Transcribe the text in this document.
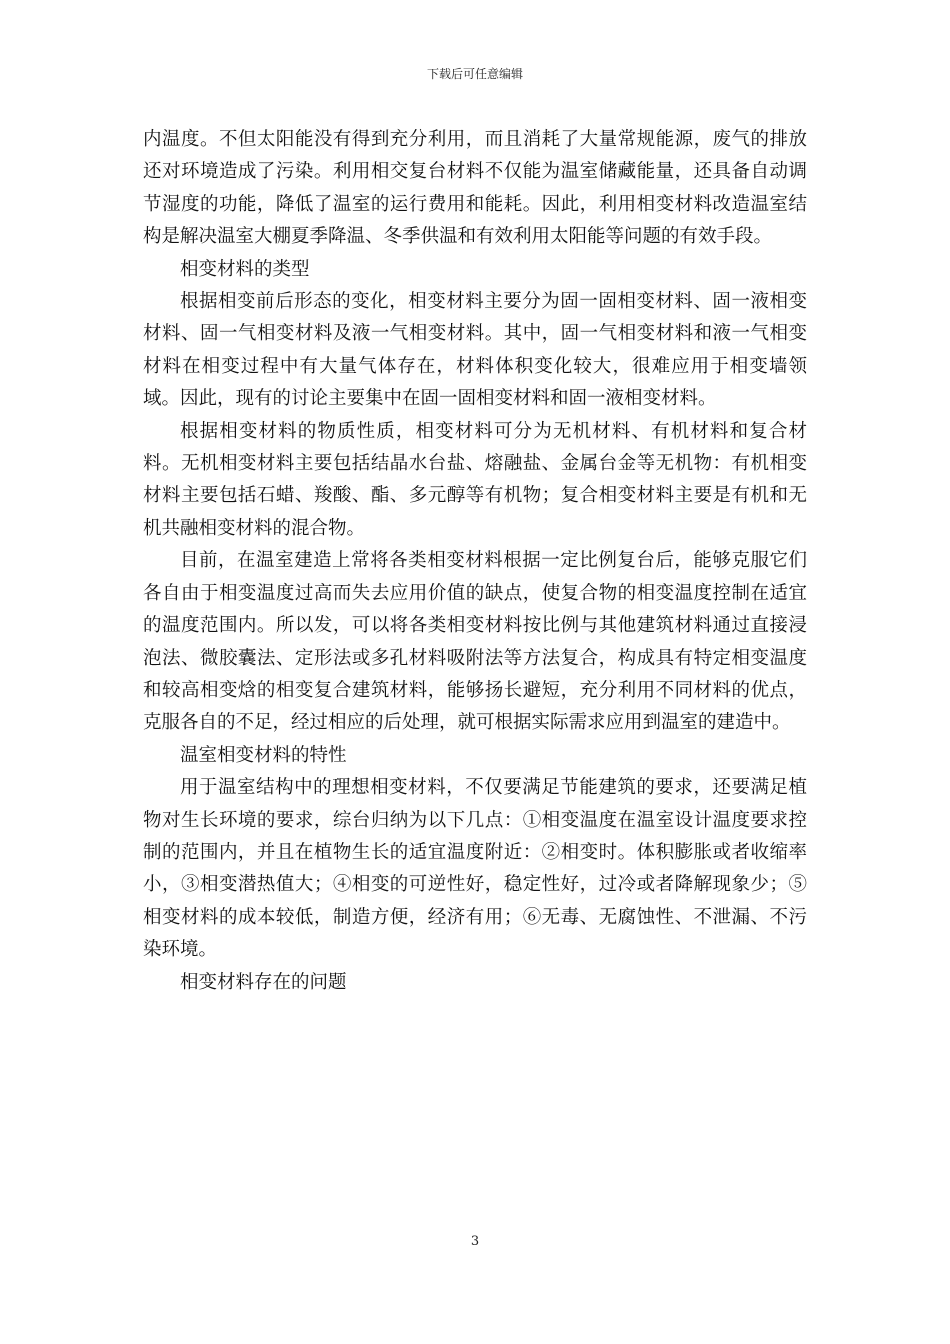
下载后可任意编辑

内温度。不但太阳能没有得到充分利用，而且消耗了大量常规能源，废气的排放还对环境造成了污染。利用相交复台材料不仅能为温室储藏能量，还具备自动调节湿度的功能，降低了温室的运行费用和能耗。因此，利用相变材料改造温室结构是解决温室大棚夏季降温、冬季供温和有效利用太阳能等问题的有效手段。

相变材料的类型

根据相变前后形态的变化，相变材料主要分为固一固相变材料、固一液相变材料、固一气相变材料及液一气相变材料。其中，固一气相变材料和液一气相变材料在相变过程中有大量气体存在，材料体积变化较大，很难应用于相变墙领域。因此，现有的讨论主要集中在固一固相变材料和固一液相变材料。

根据相变材料的物质性质，相变材料可分为无机材料、有机材料和复合材料。无机相变材料主要包括结晶水台盐、熔融盐、金属台金等无机物：有机相变材料主要包括石蜡、羧酸、酯、多元醇等有机物；复合相变材料主要是有机和无机共融相变材料的混合物。

目前，在温室建造上常将各类相变材料根据一定比例复台后，能够克服它们各自由于相变温度过高而失去应用价值的缺点，使复合物的相变温度控制在适宜的温度范围内。所以发，可以将各类相变材料按比例与其他建筑材料通过直接浸泡法、微胶囊法、定形法或多孔材料吸附法等方法复合，构成具有特定相变温度和较高相变焓的相变复合建筑材料，能够扬长避短，充分利用不同材料的优点，克服各自的不足，经过相应的后处理，就可根据实际需求应用到温室的建造中。

温室相变材料的特性

用于温室结构中的理想相变材料，不仅要满足节能建筑的要求，还要满足植物对生长环境的要求，综台归纳为以下几点：①相变温度在温室设计温度要求控制的范围内，并且在植物生长的适宜温度附近：②相变时。体积膨胀或者收缩率小，③相变潜热值大；④相变的可逆性好，稳定性好，过冷或者降解现象少；⑤相变材料的成本较低，制造方便，经济有用；⑥无毒、无腐蚀性、不泄漏、不污染环境。

相变材料存在的问题

3
